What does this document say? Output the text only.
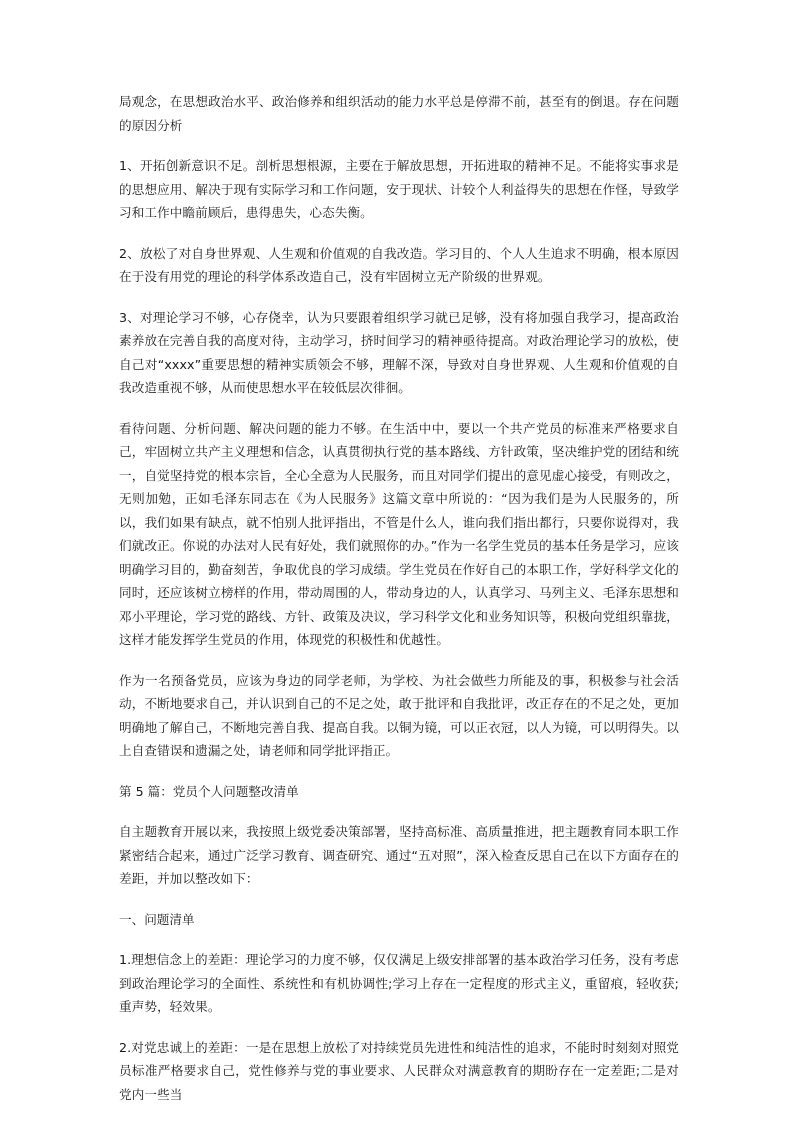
局观念，在思想政治水平、政治修养和组织活动的能力水平总是停滞不前，甚至有的倒退。存在问题的原因分析

1、开拓创新意识不足。剖析思想根源，主要在于解放思想，开拓进取的精神不足。不能将实事求是的思想应用、解决于现有实际学习和工作问题，安于现状、计较个人利益得失的思想在作怪，导致学习和工作中瞻前顾后，患得患失，心态失衡。

2、放松了对自身世界观、人生观和价值观的自我改造。学习目的、个人人生追求不明确，根本原因在于没有用党的理论的科学体系改造自己，没有牢固树立无产阶级的世界观。

3、对理论学习不够，心存侥幸，认为只要跟着组织学习就已足够，没有将加强自我学习，提高政治素养放在完善自我的高度对待，主动学习，挤时间学习的精神亟待提高。对政治理论学习的放松，使自己对“xxxx”重要思想的精神实质领会不够，理解不深，导致对自身世界观、人生观和价值观的自我改造重视不够，从而使思想水平在较低层次徘徊。

看待问题、分析问题、解决问题的能力不够。在生活中中，要以一个共产党员的标准来严格要求自己，牢固树立共产主义理想和信念，认真贯彻执行党的基本路线、方针政策，坚决维护党的团结和统一，自觉坚持党的根本宗旨，全心全意为人民服务，而且对同学们提出的意见虚心接受，有则改之，无则加勉，正如毛泽东同志在《为人民服务》这篇文章中所说的：“因为我们是为人民服务的，所以，我们如果有缺点，就不怕别人批评指出，不管是什么人，谁向我们指出都行，只要你说得对，我们就改正。你说的办法对人民有好处，我们就照你的办。”作为一名学生党员的基本任务是学习，应该明确学习目的，勤奋刻苦，争取优良的学习成绩。学生党员在作好自己的本职工作，学好科学文化的同时，还应该树立榜样的作用，带动周围的人，带动身边的人，认真学习、马列主义、毛泽东思想和邓小平理论，学习党的路线、方针、政策及决议，学习科学文化和业务知识等，积极向党组织靠拢，这样才能发挥学生党员的作用，体现党的积极性和优越性。

作为一名预备党员，应该为身边的同学老师，为学校、为社会做些力所能及的事，积极参与社会活动，不断地要求自己，并认识到自己的不足之处，敢于批评和自我批评，改正存在的不足之处，更加明确地了解自己，不断地完善自我、提高自我。以铜为镜，可以正衣冠，以人为镜，可以明得失。以上自查错误和遗漏之处，请老师和同学批评指正。

第 5 篇：党员个人问题整改清单

自主题教育开展以来，我按照上级党委决策部署，坚持高标准、高质量推进，把主题教育同本职工作紧密结合起来，通过广泛学习教育、调查研究、通过“五对照”，深入检查反思自己在以下方面存在的差距，并加以整改如下：

一、问题清单

1.理想信念上的差距：理论学习的力度不够，仅仅满足上级安排部署的基本政治学习任务，没有考虑到政治理论学习的全面性、系统性和有机协调性;学习上存在一定程度的形式主义，重留痕，轻收获;重声势，轻效果。

2.对党忠诚上的差距：一是在思想上放松了对持续党员先进性和纯洁性的追求，不能时时刻刻对照党员标准严格要求自己，党性修养与党的事业要求、人民群众对满意教育的期盼存在一定差距;二是对党内一些当
